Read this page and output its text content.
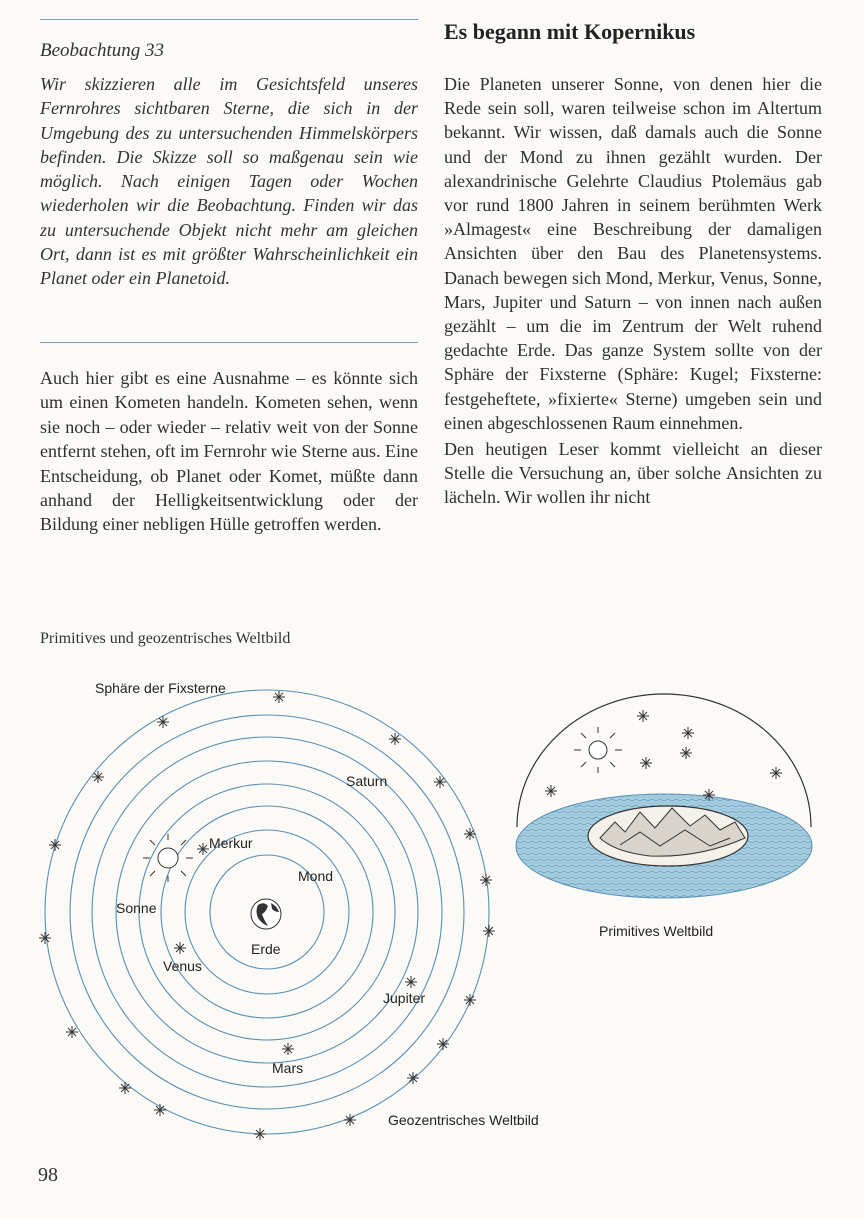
Beobachtung 33
Wir skizzieren alle im Gesichtsfeld unseres Fernrohres sichtbaren Sterne, die sich in der Umgebung des zu untersuchenden Himmelskörpers befinden. Die Skizze soll so maßgenau sein wie möglich. Nach einigen Tagen oder Wochen wiederholen wir die Beobachtung. Finden wir das zu untersuchende Objekt nicht mehr am gleichen Ort, dann ist es mit größter Wahrscheinlichkeit ein Planet oder ein Planetoid.
Auch hier gibt es eine Ausnahme – es könnte sich um einen Kometen handeln. Kometen sehen, wenn sie noch – oder wieder – relativ weit von der Sonne entfernt stehen, oft im Fernrohr wie Sterne aus. Eine Entscheidung, ob Planet oder Komet, müßte dann anhand der Helligkeitsentwicklung oder der Bildung einer nebligen Hülle getroffen werden.
Es begann mit Kopernikus
Die Planeten unserer Sonne, von denen hier die Rede sein soll, waren teilweise schon im Altertum bekannt. Wir wissen, daß damals auch die Sonne und der Mond zu ihnen gezählt wurden. Der alexandrinische Gelehrte Claudius Ptolemäus gab vor rund 1800 Jahren in seinem berühmten Werk »Almagest« eine Beschreibung der damaligen Ansichten über den Bau des Planetensystems. Danach bewegen sich Mond, Merkur, Venus, Sonne, Mars, Jupiter und Saturn – von innen nach außen gezählt – um die im Zentrum der Welt ruhend gedachte Erde. Das ganze System sollte von der Sphäre der Fixsterne (Sphäre: Kugel; Fixsterne: festgeheftete, »fixierte« Sterne) umgeben sein und einen abgeschlossenen Raum einnehmen.
Den heutigen Leser kommt vielleicht an dieser Stelle die Versuchung an, über solche Ansichten zu lächeln. Wir wollen ihr nicht
Primitives und geozentrisches Weltbild
Sphäre der Fixsterne
Saturn
Merkur
Mond
Sonne
Erde
Venus
Jupiter
Mars
Geozentrisches Weltbild
Primitives Weltbild
98
